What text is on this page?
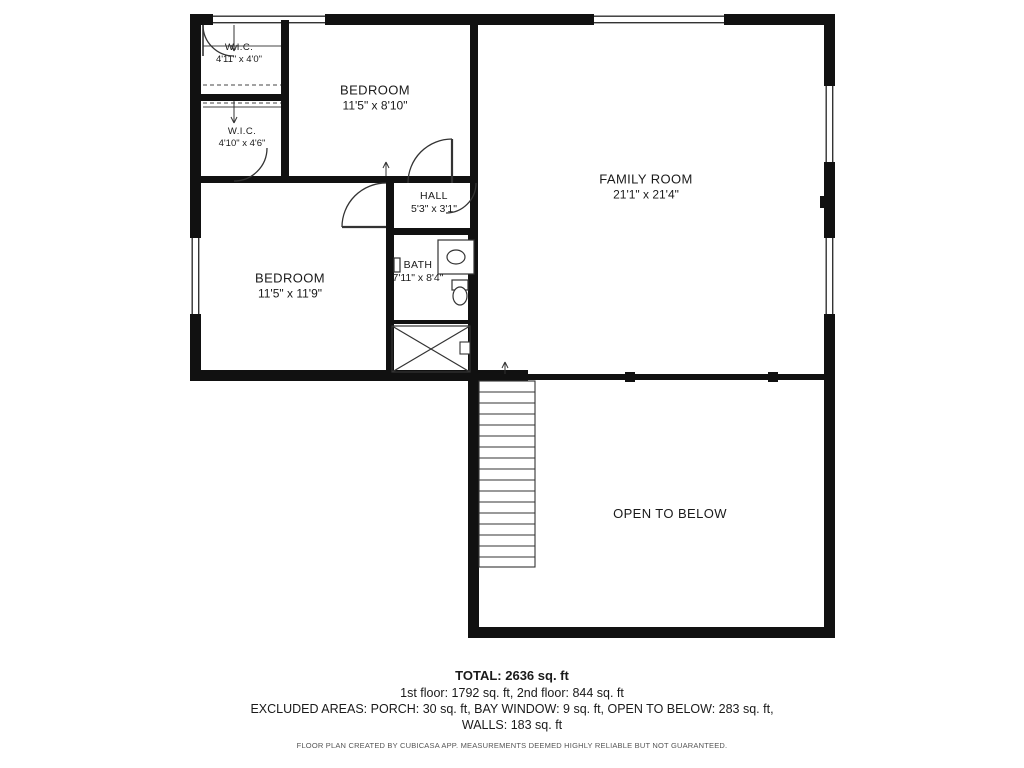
W.I.C.
4'11" x 4'0"
W.I.C.
4'10" x 4'6"
BEDROOM
11'5" x 8'10"
BEDROOM
11'5" x 11'9"
HALL
5'3" x 3'1"
BATH
7'11" x 8'4"
FAMILY ROOM
21'1" x 21'4"
OPEN TO BELOW
TOTAL: 2636 sq. ft
1st floor: 1792 sq. ft, 2nd floor: 844 sq. ft
EXCLUDED AREAS: PORCH: 30 sq. ft, BAY WINDOW: 9 sq. ft, OPEN TO BELOW: 283 sq. ft,
WALLS: 183 sq. ft
FLOOR PLAN CREATED BY CUBICASA APP. MEASUREMENTS DEEMED HIGHLY RELIABLE BUT NOT GUARANTEED.
